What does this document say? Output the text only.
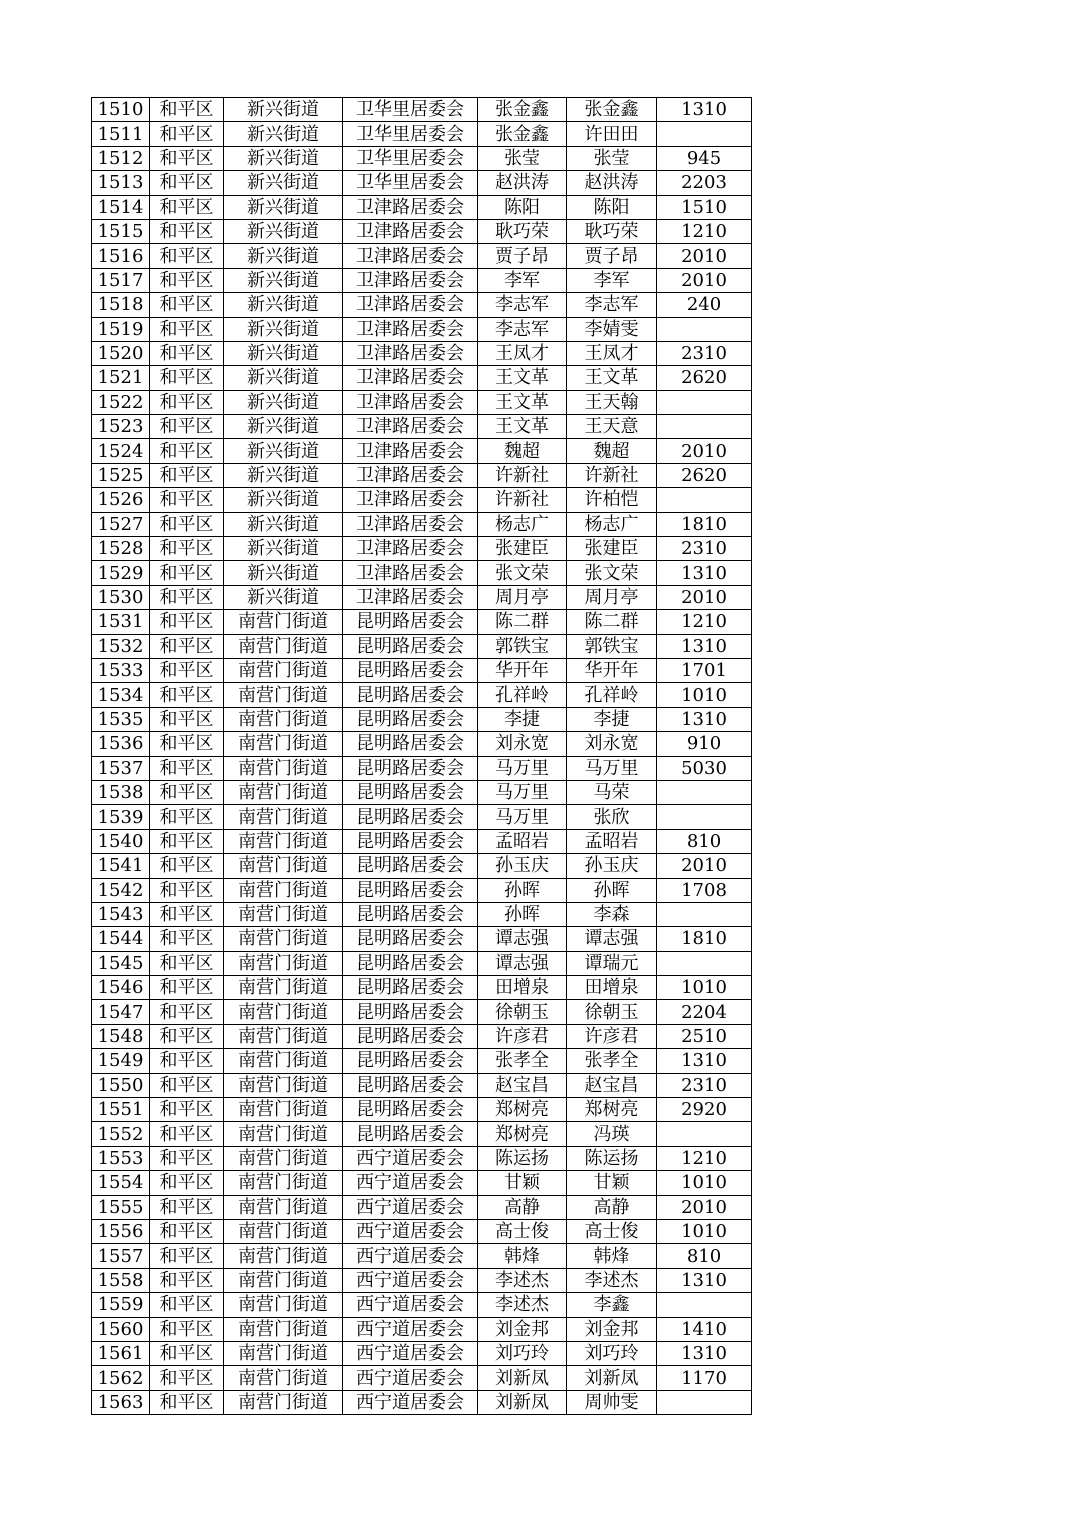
1510	和平区	新兴街道	卫华里居委会	张金鑫	张金鑫	1310
1511	和平区	新兴街道	卫华里居委会	张金鑫	许田田	
1512	和平区	新兴街道	卫华里居委会	张莹	张莹	945
1513	和平区	新兴街道	卫华里居委会	赵洪涛	赵洪涛	2203
1514	和平区	新兴街道	卫津路居委会	陈阳	陈阳	1510
1515	和平区	新兴街道	卫津路居委会	耿巧荣	耿巧荣	1210
1516	和平区	新兴街道	卫津路居委会	贾子昂	贾子昂	2010
1517	和平区	新兴街道	卫津路居委会	李军	李军	2010
1518	和平区	新兴街道	卫津路居委会	李志军	李志军	240
1519	和平区	新兴街道	卫津路居委会	李志军	李婧雯	
1520	和平区	新兴街道	卫津路居委会	王凤才	王凤才	2310
1521	和平区	新兴街道	卫津路居委会	王文革	王文革	2620
1522	和平区	新兴街道	卫津路居委会	王文革	王天翰	
1523	和平区	新兴街道	卫津路居委会	王文革	王天意	
1524	和平区	新兴街道	卫津路居委会	魏超	魏超	2010
1525	和平区	新兴街道	卫津路居委会	许新社	许新社	2620
1526	和平区	新兴街道	卫津路居委会	许新社	许柏恺	
1527	和平区	新兴街道	卫津路居委会	杨志广	杨志广	1810
1528	和平区	新兴街道	卫津路居委会	张建臣	张建臣	2310
1529	和平区	新兴街道	卫津路居委会	张文荣	张文荣	1310
1530	和平区	新兴街道	卫津路居委会	周月亭	周月亭	2010
1531	和平区	南营门街道	昆明路居委会	陈二群	陈二群	1210
1532	和平区	南营门街道	昆明路居委会	郭铁宝	郭铁宝	1310
1533	和平区	南营门街道	昆明路居委会	华开年	华开年	1701
1534	和平区	南营门街道	昆明路居委会	孔祥岭	孔祥岭	1010
1535	和平区	南营门街道	昆明路居委会	李捷	李捷	1310
1536	和平区	南营门街道	昆明路居委会	刘永宽	刘永宽	910
1537	和平区	南营门街道	昆明路居委会	马万里	马万里	5030
1538	和平区	南营门街道	昆明路居委会	马万里	马荣	
1539	和平区	南营门街道	昆明路居委会	马万里	张欣	
1540	和平区	南营门街道	昆明路居委会	孟昭岩	孟昭岩	810
1541	和平区	南营门街道	昆明路居委会	孙玉庆	孙玉庆	2010
1542	和平区	南营门街道	昆明路居委会	孙晖	孙晖	1708
1543	和平区	南营门街道	昆明路居委会	孙晖	李森	
1544	和平区	南营门街道	昆明路居委会	谭志强	谭志强	1810
1545	和平区	南营门街道	昆明路居委会	谭志强	谭瑞元	
1546	和平区	南营门街道	昆明路居委会	田增泉	田增泉	1010
1547	和平区	南营门街道	昆明路居委会	徐朝玉	徐朝玉	2204
1548	和平区	南营门街道	昆明路居委会	许彦君	许彦君	2510
1549	和平区	南营门街道	昆明路居委会	张孝全	张孝全	1310
1550	和平区	南营门街道	昆明路居委会	赵宝昌	赵宝昌	2310
1551	和平区	南营门街道	昆明路居委会	郑树亮	郑树亮	2920
1552	和平区	南营门街道	昆明路居委会	郑树亮	冯瑛	
1553	和平区	南营门街道	西宁道居委会	陈运扬	陈运扬	1210
1554	和平区	南营门街道	西宁道居委会	甘颖	甘颖	1010
1555	和平区	南营门街道	西宁道居委会	高静	高静	2010
1556	和平区	南营门街道	西宁道居委会	高士俊	高士俊	1010
1557	和平区	南营门街道	西宁道居委会	韩烽	韩烽	810
1558	和平区	南营门街道	西宁道居委会	李述杰	李述杰	1310
1559	和平区	南营门街道	西宁道居委会	李述杰	李鑫	
1560	和平区	南营门街道	西宁道居委会	刘金邦	刘金邦	1410
1561	和平区	南营门街道	西宁道居委会	刘巧玲	刘巧玲	1310
1562	和平区	南营门街道	西宁道居委会	刘新凤	刘新凤	1170
1563	和平区	南营门街道	西宁道居委会	刘新凤	周帅雯	
